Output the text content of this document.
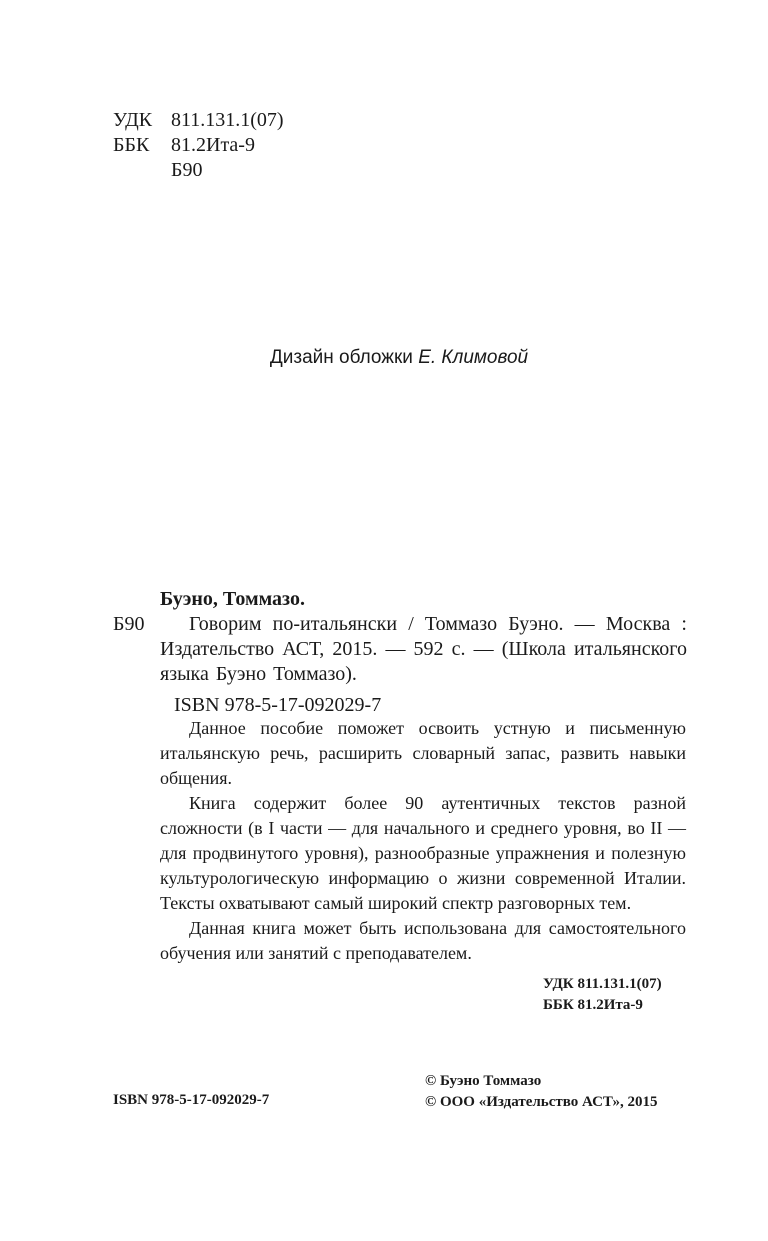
УДК 811.131.1(07)
ББК	81.2Ита-9
Б90
Дизайн обложки Е. Климовой
Буэно, Томмазо.
Б90	Говорим по-итальянски / Томмазо Буэно. — Москва : Издательство АСТ, 2015. — 592 с. — (Школа итальянского языка Буэно Томмазо).
ISBN 978-5-17-092029-7

Данное пособие поможет освоить устную и письменную итальянскую речь, расширить словарный запас, развить навыки общения.

Книга содержит более 90 аутентичных текстов разной сложности (в I части — для начального и среднего уровня, во II — для продвинутого уровня), разнообразные упражнения и полезную культурологическую информацию о жизни современной Италии. Тексты охватывают самый широкий спектр разговорных тем.

Данная книга может быть использована для самостоятельного обучения или занятий с преподавателем.

УДК 811.131.1(07)
ББК 81.2Ита-9
ISBN 978-5-17-092029-7
© Буэно Томмазо
© ООО «Издательство АСТ», 2015
